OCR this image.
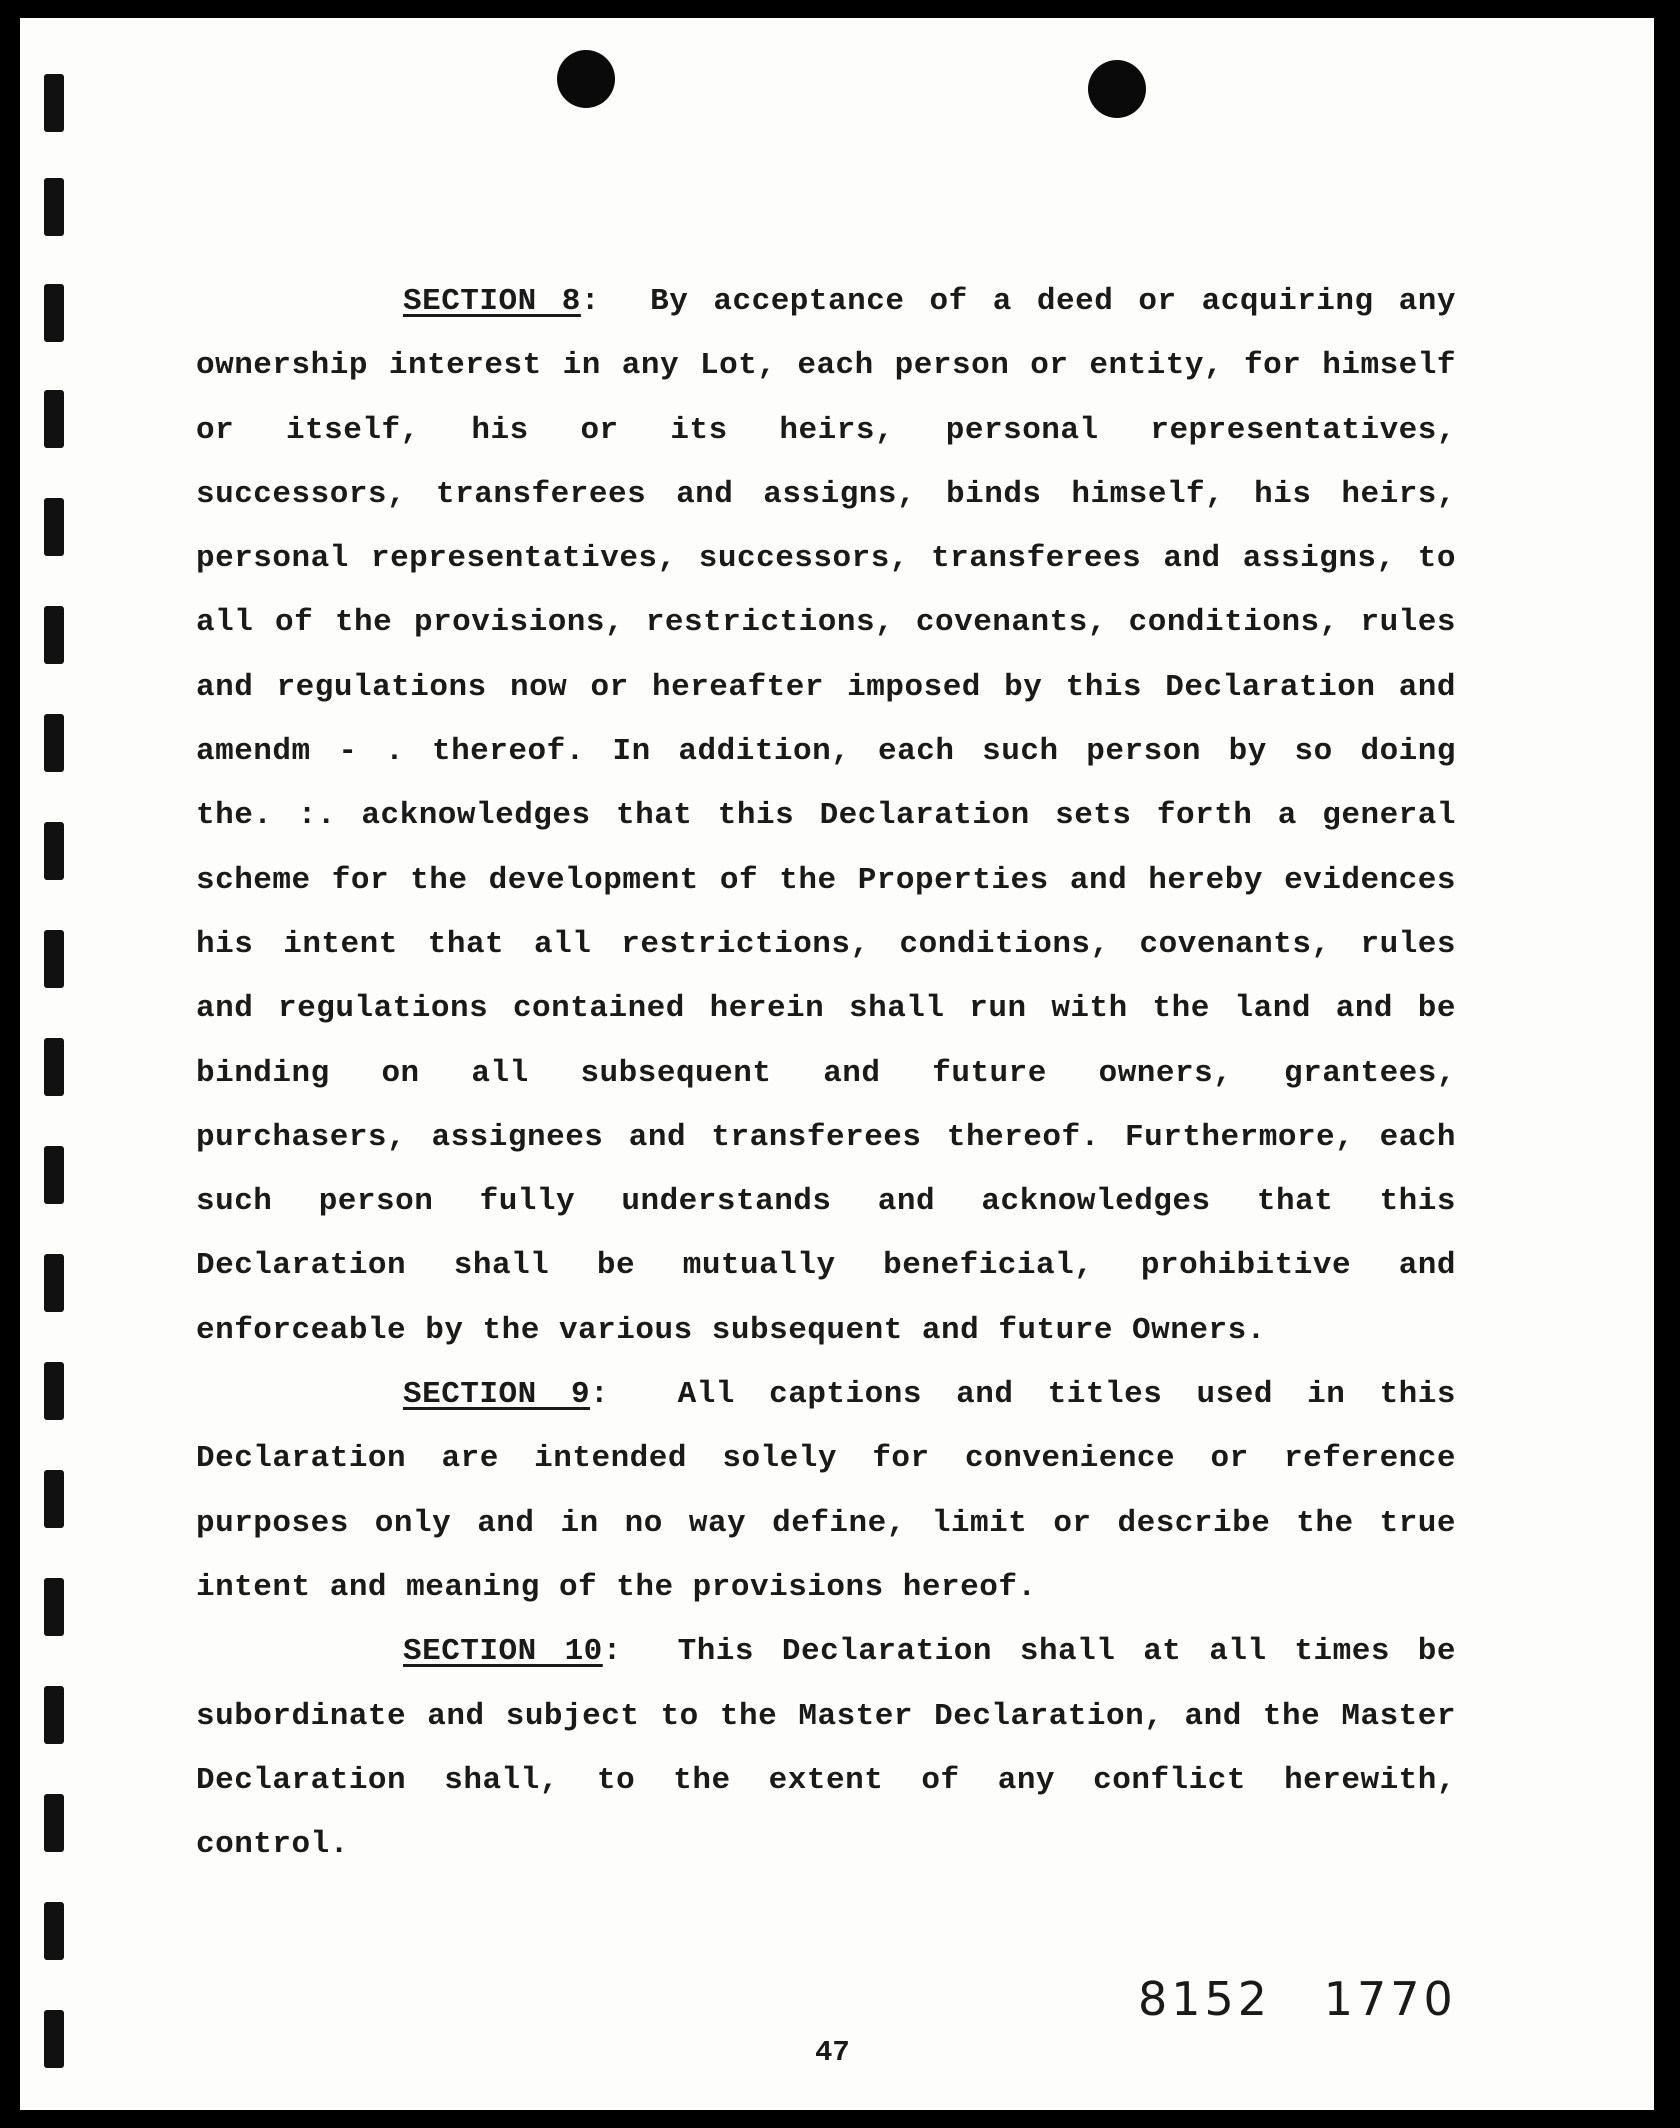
SECTION 8:  By acceptance of a deed or acquiring any ownership interest in any Lot, each person or entity, for himself or itself, his or its heirs, personal representatives, successors, transferees and assigns, binds himself, his heirs, personal representatives, successors, transferees and assigns, to all of the provisions, restrictions, covenants, conditions, rules and regulations now or hereafter imposed by this Declaration and amendm - . thereof. In addition, each such person by so doing the. :. acknowledges that this Declaration sets forth a general scheme for the development of the Properties and hereby evidences his intent that all restrictions, conditions, covenants, rules and regulations contained herein shall run with the land and be binding on all subsequent and future owners, grantees, purchasers, assignees and transferees thereof. Furthermore, each such person fully understands and acknowledges that this Declaration shall be mutually beneficial, prohibitive and enforceable by the various subsequent and future Owners.

SECTION 9:  All captions and titles used in this Declaration are intended solely for convenience or reference purposes only and in no way define, limit or describe the true intent and meaning of the provisions hereof.

SECTION 10:  This Declaration shall at all times be subordinate and subject to the Master Declaration, and the Master Declaration shall, to the extent of any conflict herewith, control.

8152 1770
47
